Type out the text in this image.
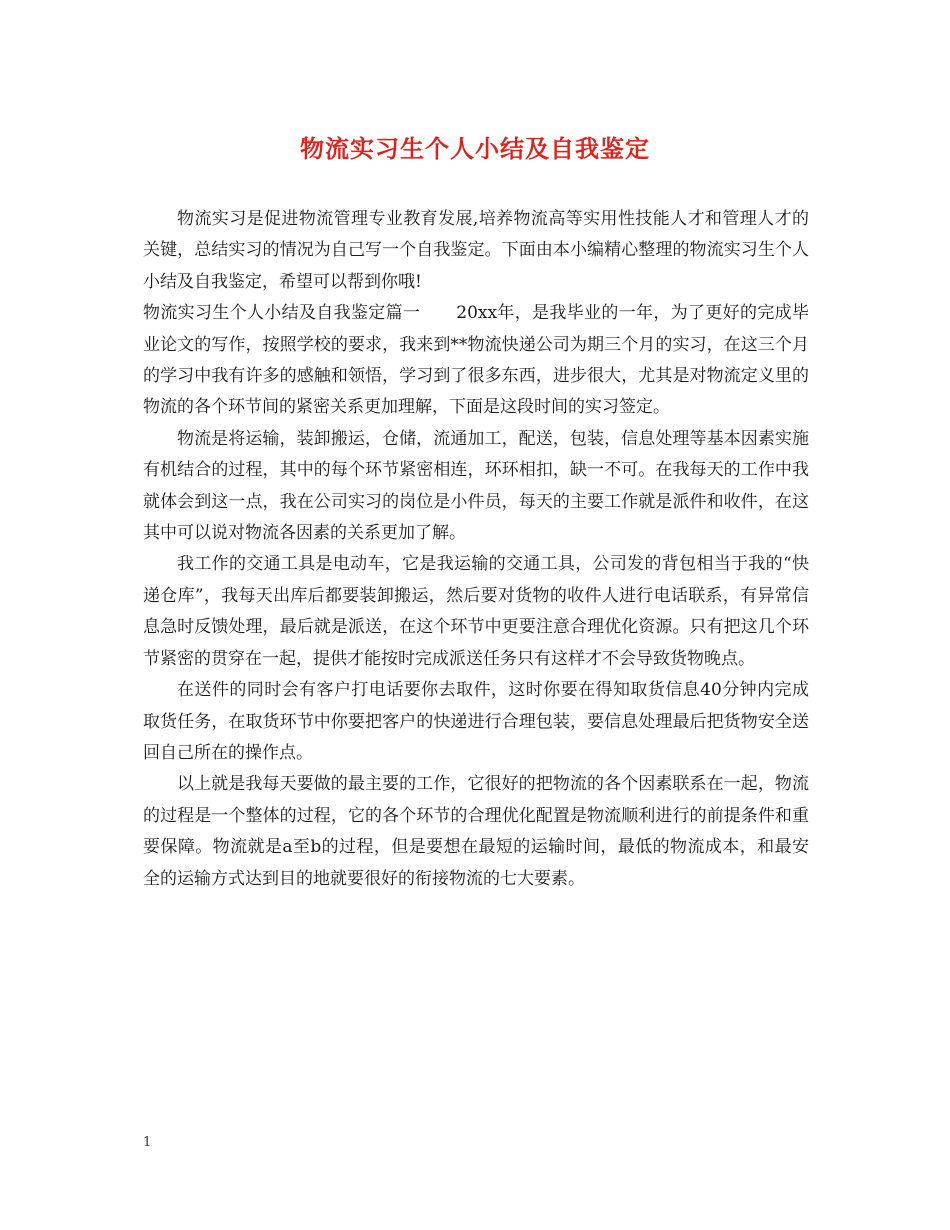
物流实习生个人小结及自我鉴定

物流实习是促进物流管理专业教育发展,培养物流高等实用性技能人才和管理人才的关键，总结实习的情况为自己写一个自我鉴定。下面由本小编精心整理的物流实习生个人小结及自我鉴定，希望可以帮到你哦!

物流实习生个人小结及自我鉴定篇一 20xx年，是我毕业的一年，为了更好的完成毕业论文的写作，按照学校的要求，我来到**物流快递公司为期三个月的实习，在这三个月的学习中我有许多的感触和领悟，学习到了很多东西，进步很大，尤其是对物流定义里的物流的各个环节间的紧密关系更加理解，下面是这段时间的实习签定。

物流是将运输，装卸搬运，仓储，流通加工，配送，包装，信息处理等基本因素实施有机结合的过程，其中的每个环节紧密相连，环环相扣，缺一不可。在我每天的工作中我就体会到这一点，我在公司实习的岗位是小件员，每天的主要工作就是派件和收件，在这其中可以说对物流各因素的关系更加了解。

我工作的交通工具是电动车，它是我运输的交通工具，公司发的背包相当于我的“快递仓库”，我每天出库后都要装卸搬运，然后要对货物的收件人进行电话联系，有异常信息急时反馈处理，最后就是派送，在这个环节中更要注意合理优化资源。只有把这几个环节紧密的贯穿在一起，提供才能按时完成派送任务只有这样才不会导致货物晚点。

在送件的同时会有客户打电话要你去取件，这时你要在得知取货信息40分钟内完成取货任务，在取货环节中你要把客户的快递进行合理包装，要信息处理最后把货物安全送回自己所在的操作点。

以上就是我每天要做的最主要的工作，它很好的把物流的各个因素联系在一起，物流的过程是一个整体的过程，它的各个环节的合理优化配置是物流顺利进行的前提条件和重要保障。物流就是a至b的过程，但是要想在最短的运输时间，最低的物流成本，和最安全的运输方式达到目的地就要很好的衔接物流的七大要素。

1
